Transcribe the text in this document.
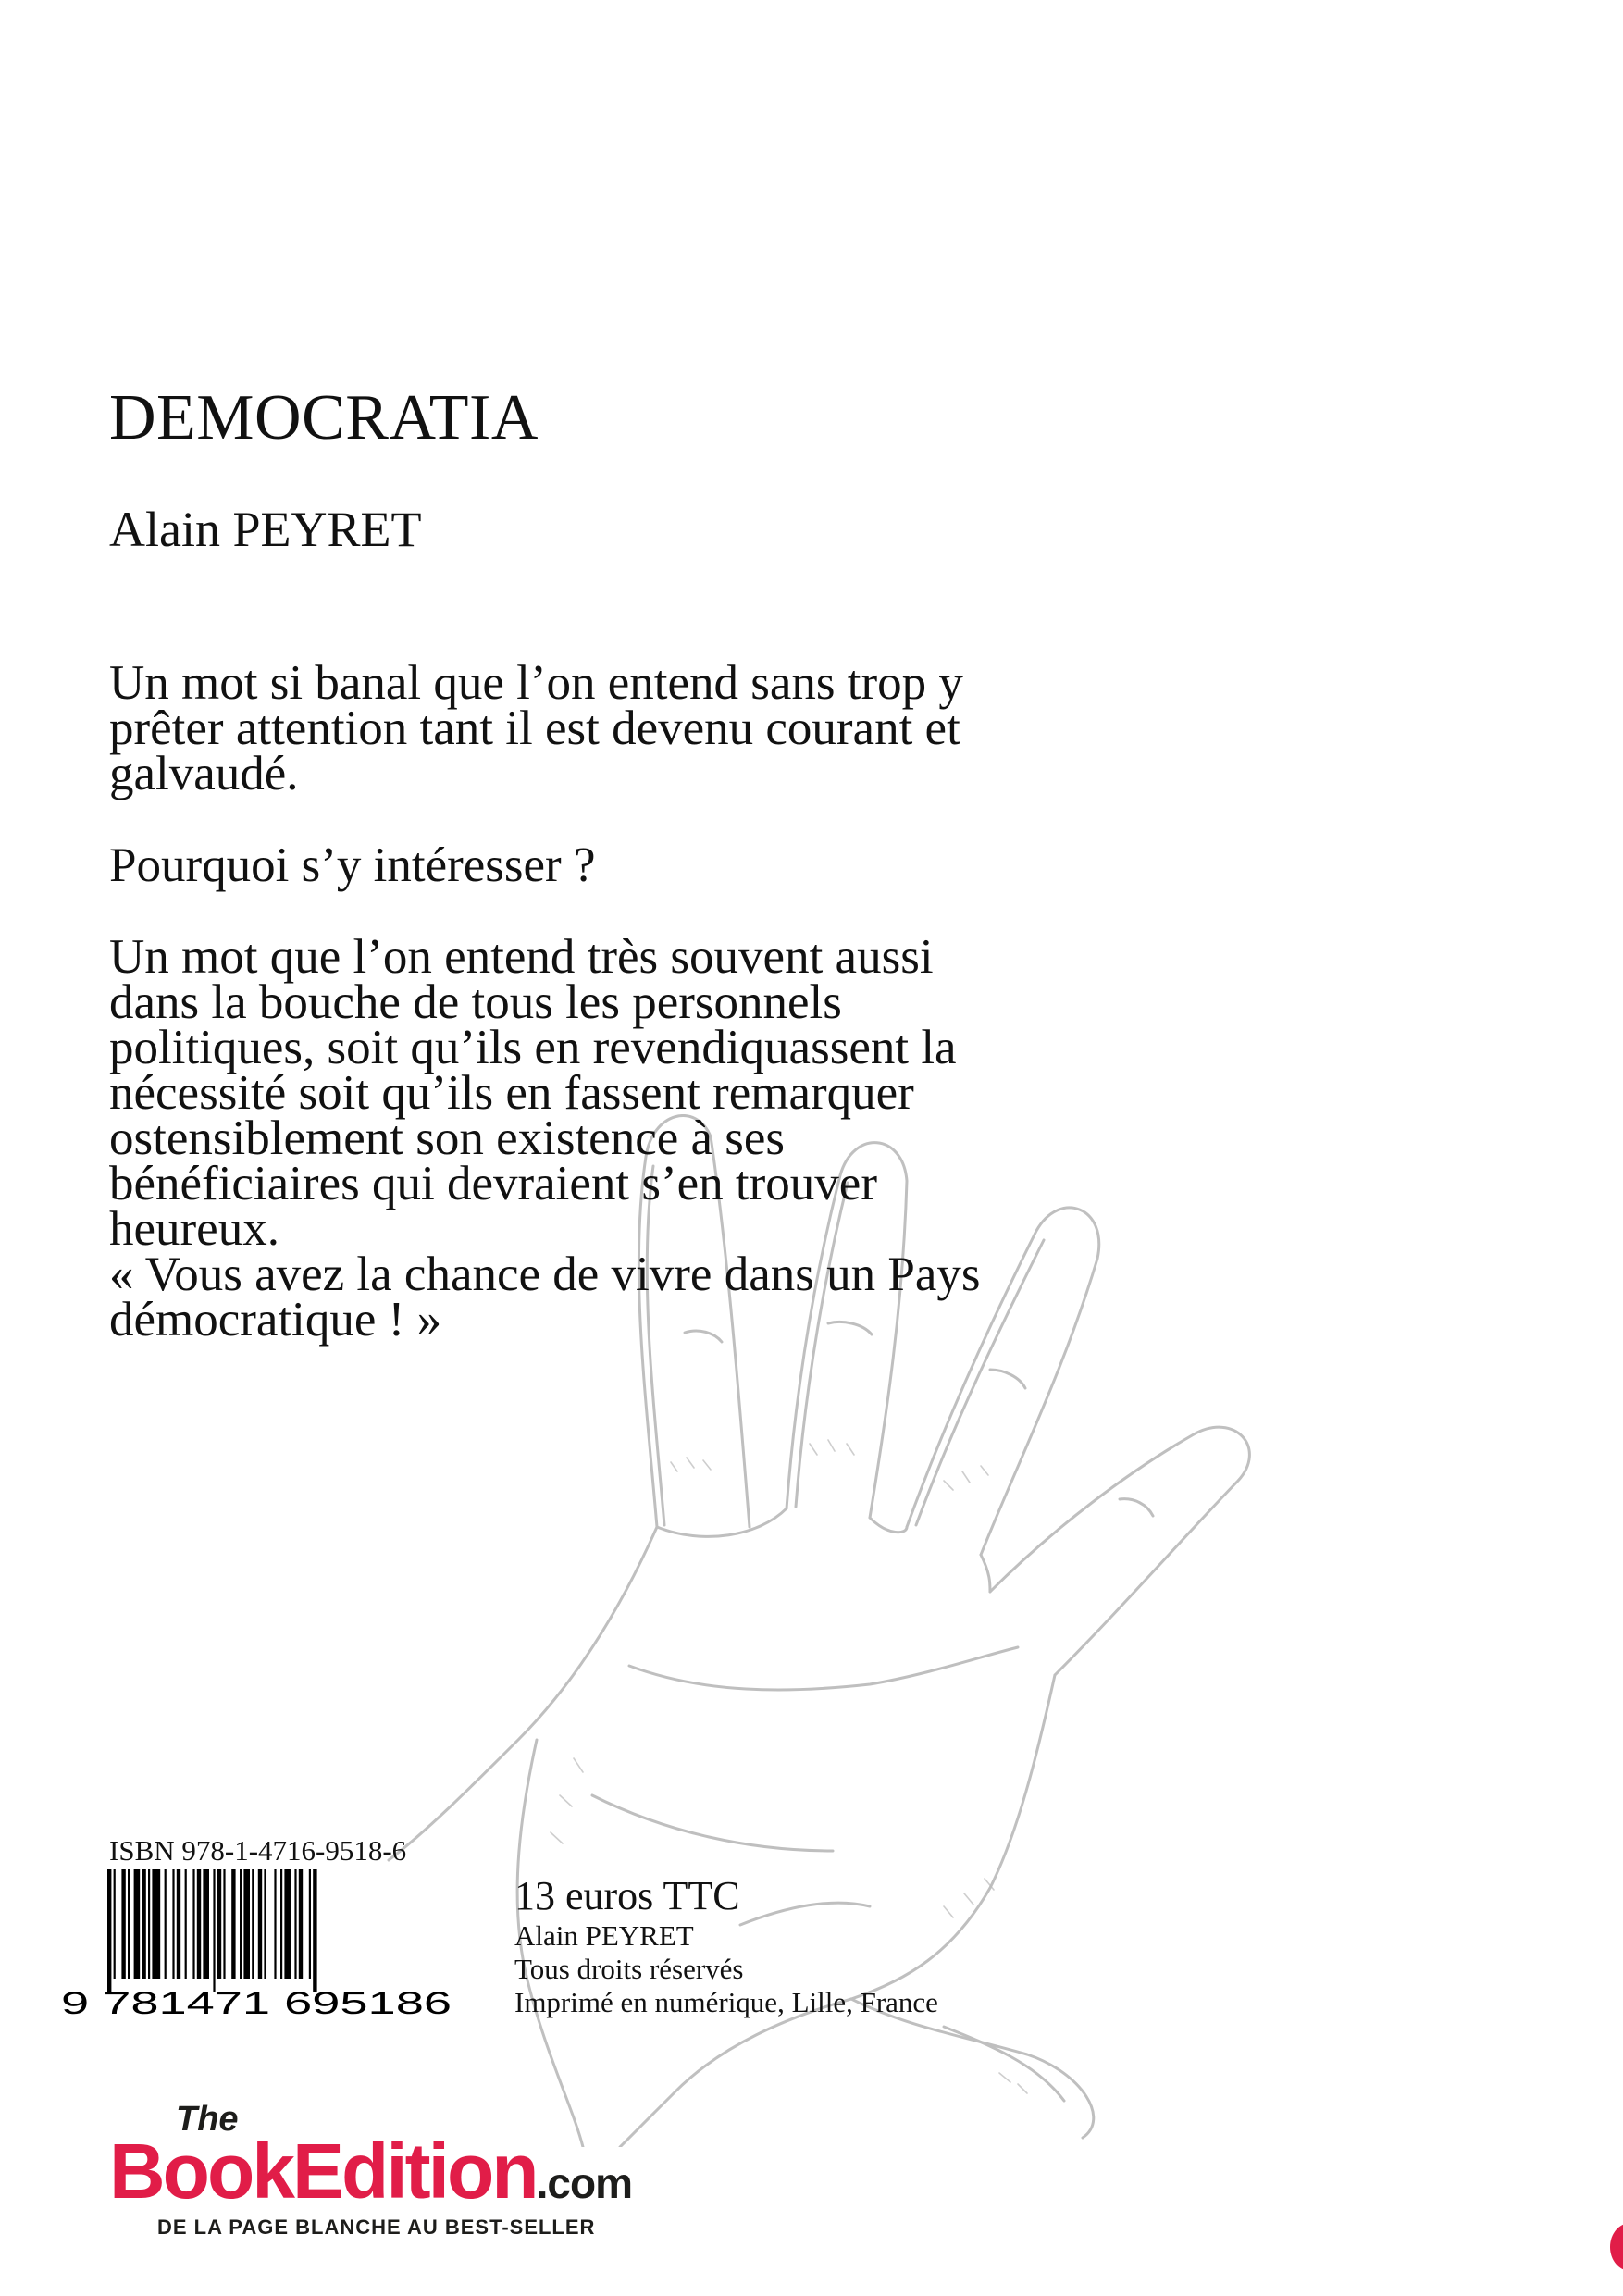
DEMOCRATIA
Alain PEYRET

Un mot si banal que l’on entend sans trop y
prêter attention tant il est devenu courant et
galvaudé.

Pourquoi s’y intéresser ?

Un mot que l’on entend très souvent aussi
dans la bouche de tous les personnels
politiques, soit qu’ils en revendiquassent la
nécessité soit qu’ils en fassent remarquer
ostensiblement son existence à ses
bénéficiaires qui devraient s’en trouver
heureux.
« Vous avez la chance de vivre dans un Pays
démocratique ! »

ISBN 978-1-4716-9518-6
9 781471 695186
13 euros TTC
Alain PEYRET
Tous droits réservés
Imprimé en numérique, Lille, France
The
BookEdition.com
DE LA PAGE BLANCHE AU BEST-SELLER
